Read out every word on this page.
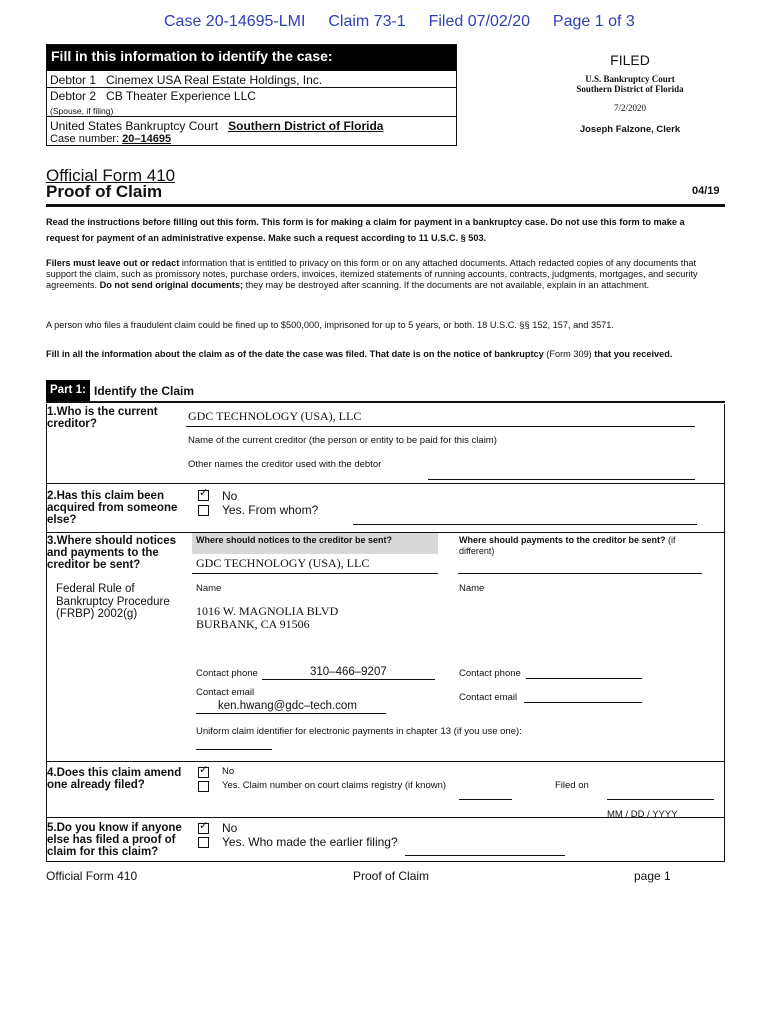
Case 20-14695-LMI Claim 73-1 Filed 07/02/20 Page 1 of 3
Fill in this information to identify the case:
Debtor 1 Cinemex USA Real Estate Holdings, Inc.
Debtor 2 CB Theater Experience LLC
(Spouse, if filing)
United States Bankruptcy Court Southern District of Florida
Case number: 20–14695
FILED
U.S. Bankruptcy Court
Southern District of Florida
7/2/2020
Joseph Falzone, Clerk
Official Form 410
Proof of Claim	04/19
Read the instructions before filling out this form. This form is for making a claim for payment in a bankruptcy case. Do not use this form to make a request for payment of an administrative expense. Make such a request according to 11 U.S.C. § 503.
Filers must leave out or redact information that is entitled to privacy on this form or on any attached documents. Attach redacted copies of any documents that support the claim, such as promissory notes, purchase orders, invoices, itemized statements of running accounts, contracts, judgments, mortgages, and security agreements. Do not send original documents; they may be destroyed after scanning. If the documents are not available, explain in an attachment.
A person who files a fraudulent claim could be fined up to $500,000, imprisoned for up to 5 years, or both. 18 U.S.C. §§ 152, 157, and 3571.
Fill in all the information about the claim as of the date the case was filed. That date is on the notice of bankruptcy (Form 309) that you received.
Part 1: Identify the Claim
1.Who is the current creditor?
GDC TECHNOLOGY (USA), LLC
Name of the current creditor (the person or entity to be paid for this claim)
Other names the creditor used with the debtor
2.Has this claim been acquired from someone else?
✓ No
Yes. From whom?
3.Where should notices and payments to the creditor be sent?
Federal Rule of Bankruptcy Procedure (FRBP) 2002(g)
Where should notices to the creditor be sent?	Where should payments to the creditor be sent? (if different)
GDC TECHNOLOGY (USA), LLC
Name	Name
1016 W. MAGNOLIA BLVD
BURBANK, CA 91506
Contact phone	310–466–9207	Contact phone
Contact email
ken.hwang@gdc–tech.com
Contact email
Uniform claim identifier for electronic payments in chapter 13 (if you use one):
4.Does this claim amend one already filed?
✓ No
Yes. Claim number on court claims registry (if known)	Filed on
MM / DD / YYYY
5.Do you know if anyone else has filed a proof of claim for this claim?
✓ No
Yes. Who made the earlier filing?
Official Form 410	Proof of Claim	page 1
